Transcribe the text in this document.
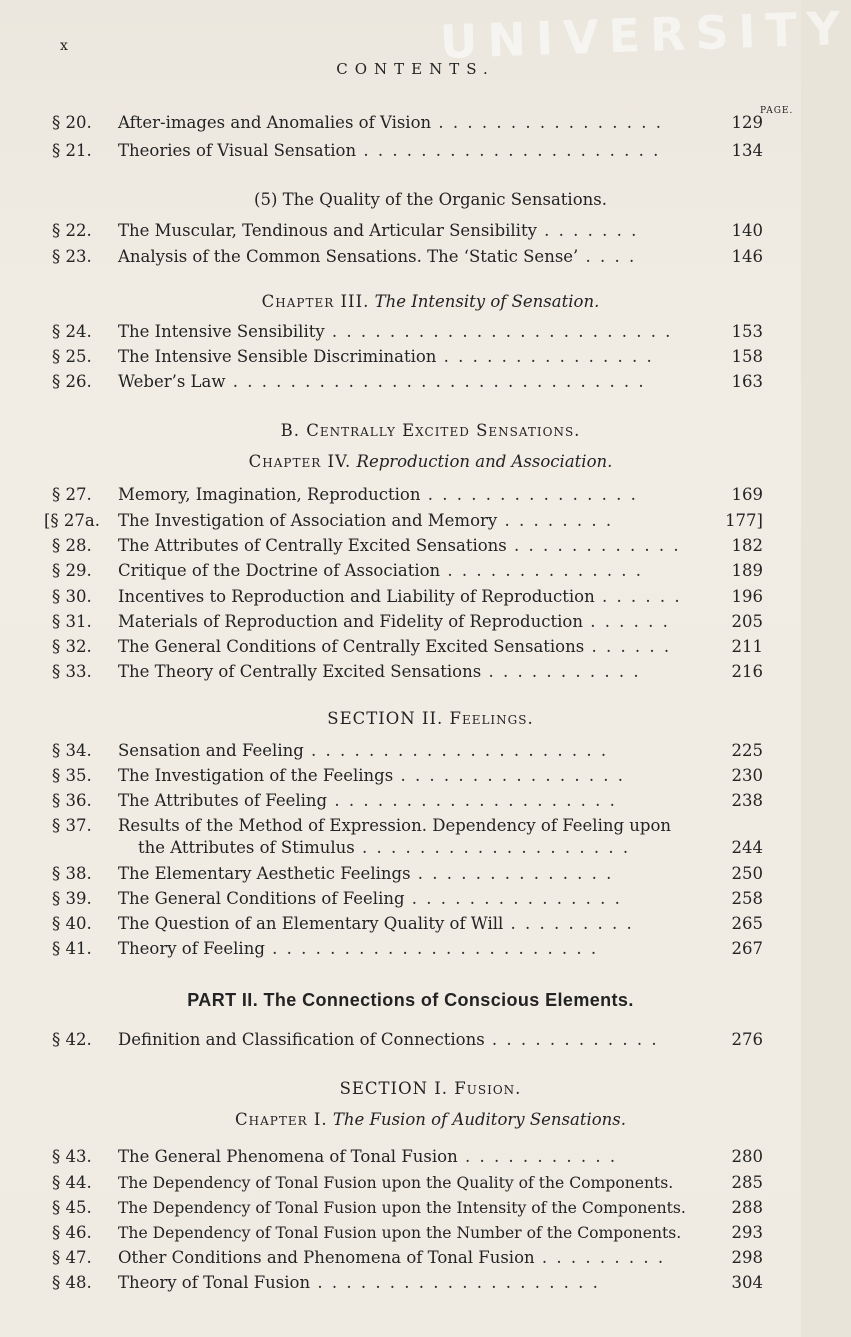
UNIVERSITY
x
CONTENTS.
PAGE.
§ 20. After-images and Anomalies of Vision . . . . . . . . . . . . . . . .	129
§ 21. Theories of Visual Sensation . . . . . . . . . . . . . . . . . . . . .	134
(5) The Quality of the Organic Sensations.
§ 22. The Muscular, Tendinous and Articular Sensibility . . . . . . .	140
§ 23. Analysis of the Common Sensations. The ‘Static Sense’ . . . .	146
Chapter III. The Intensity of Sensation.
§ 24. The Intensive Sensibility . . . . . . . . . . . . . . . . . . . . . . . .	153
§ 25. The Intensive Sensible Discrimination . . . . . . . . . . . . . . .	158
§ 26. Weber’s Law . . . . . . . . . . . . . . . . . . . . . . . . . . . . .	163
B. Centrally Excited Sensations.
Chapter IV. Reproduction and Association.
§ 27. Memory, Imagination, Reproduction . . . . . . . . . . . . . . .	169
[§ 27a. The Investigation of Association and Memory . . . . . . . .	177]
§ 28. The Attributes of Centrally Excited Sensations . . . . . . . . . . . .	182
§ 29. Critique of the Doctrine of Association . . . . . . . . . . . . . .	189
§ 30. Incentives to Reproduction and Liability of Reproduction . . . . . .	196
§ 31. Materials of Reproduction and Fidelity of Reproduction . . . . . .	205
§ 32. The General Conditions of Centrally Excited Sensations . . . . . .	211
§ 33. The Theory of Centrally Excited Sensations . . . . . . . . . . .	216
SECTION II. Feelings.
§ 34. Sensation and Feeling . . . . . . . . . . . . . . . . . . . . .	225
§ 35. The Investigation of the Feelings . . . . . . . . . . . . . . . .	230
§ 36. The Attributes of Feeling . . . . . . . . . . . . . . . . . . . .	238
§ 37. Results of the Method of Expression. Dependency of Feeling upon
the Attributes of Stimulus . . . . . . . . . . . . . . . . . . .	244
§ 38. The Elementary Aesthetic Feelings . . . . . . . . . . . . . .	250
§ 39. The General Conditions of Feeling . . . . . . . . . . . . . . .	258
§ 40. The Question of an Elementary Quality of Will . . . . . . . . .	265
§ 41. Theory of Feeling . . . . . . . . . . . . . . . . . . . . . . .	267
PART II. The Connections of Conscious Elements.
§ 42. Definition and Classification of Connections . . . . . . . . . . . .	276
SECTION I. Fusion.
Chapter I. The Fusion of Auditory Sensations.
§ 43. The General Phenomena of Tonal Fusion . . . . . . . . . . .	280
§ 44. The Dependency of Tonal Fusion upon the Quality of the Components.	285
§ 45. The Dependency of Tonal Fusion upon the Intensity of the Components.	288
§ 46. The Dependency of Tonal Fusion upon the Number of the Components.	293
§ 47. Other Conditions and Phenomena of Tonal Fusion . . . . . . . . .	298
§ 48. Theory of Tonal Fusion . . . . . . . . . . . . . . . . . . . .	304
